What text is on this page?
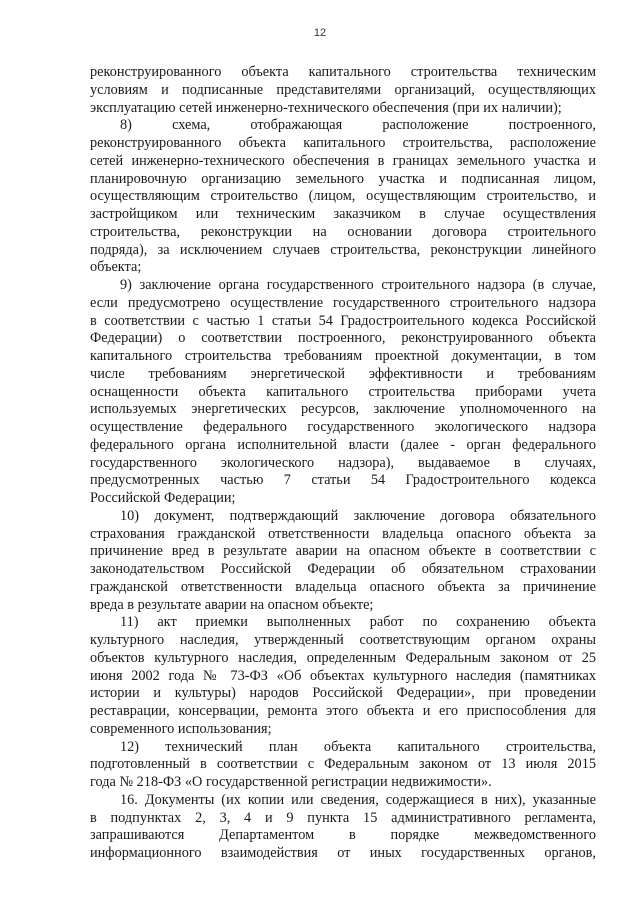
12
реконструированного объекта капитального строительства техническим
условиям и подписанные представителями организаций, осуществляющих
эксплуатацию сетей инженерно-технического обеспечения (при их наличии);
8) схема, отображающая расположение построенного,
реконструированного объекта капитального строительства, расположение
сетей инженерно-технического обеспечения в границах земельного участка и
планировочную организацию земельного участка и подписанная лицом,
осуществляющим строительство (лицом, осуществляющим строительство, и
застройщиком или техническим заказчиком в случае осуществления
строительства, реконструкции на основании договора строительного
подряда), за исключением случаев строительства, реконструкции линейного
объекта;
9) заключение органа государственного строительного надзора (в случае,
если предусмотрено осуществление государственного строительного надзора
в соответствии с частью 1 статьи 54 Градостроительного кодекса Российской
Федерации) о соответствии построенного, реконструированного объекта
капитального строительства требованиям проектной документации, в том
числе требованиям энергетической эффективности и требованиям
оснащенности объекта капитального строительства приборами учета
используемых энергетических ресурсов, заключение уполномоченного на
осуществление федерального государственного экологического надзора
федерального органа исполнительной власти (далее - орган федерального
государственного экологического надзора), выдаваемое в случаях,
предусмотренных частью 7 статьи 54 Градостроительного кодекса
Российской Федерации;
10) документ, подтверждающий заключение договора обязательного
страхования гражданской ответственности владельца опасного объекта за
причинение вред в результате аварии на опасном объекте в соответствии с
законодательством Российской Федерации об обязательном страховании
гражданской ответственности владельца опасного объекта за причинение
вреда в результате аварии на опасном объекте;
11) акт приемки выполненных работ по сохранению объекта
культурного наследия, утвержденный соответствующим органом охраны
объектов культурного наследия, определенным Федеральным законом от 25
июня 2002 года № 73-ФЗ «Об объектах культурного наследия (памятниках
истории и культуры) народов Российской Федерации», при проведении
реставрации, консервации, ремонта этого объекта и его приспособления для
современного использования;
12) технический план объекта капитального строительства,
подготовленный в соответствии с Федеральным законом от 13 июля 2015
года № 218-ФЗ «О государственной регистрации недвижимости».
16. Документы (их копии или сведения, содержащиеся в них), указанные
в подпунктах 2, 3, 4 и 9 пункта 15 административного регламента,
запрашиваются Департаментом в порядке межведомственного
информационного взаимодействия от иных государственных органов,
